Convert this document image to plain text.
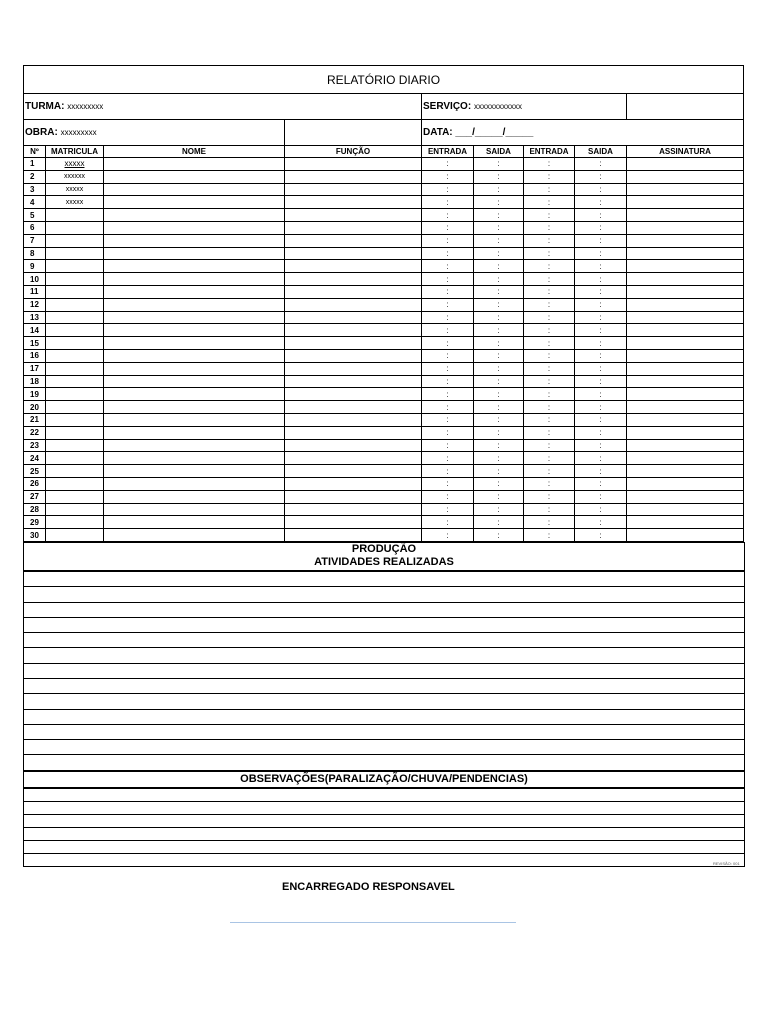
RELATÓRIO DIARIO								
TURMA: xxxxxxxxx				SERVIÇO: xxxxxxxxxxxx				
OBRA: xxxxxxxxx				DATA: ___/_____/_____				
Nº	MATRICULA	NOME	FUNÇÃO	ENTRADA	SAIDA	ENTRADA	SAIDA	ASSINATURA
1	xxxxx			:	:	:	:	
2	xxxxxx			:	:	:	:	
3	xxxxx			:	:	:	:	
4	xxxxx			:	:	:	:	
5				:	:	:	:	
6				:	:	:	:	
7				:	:	:	:	
8				:	:	:	:	
9				:	:	:	:	
10				:	:	:	:	
11				:	:	:	:	
12				:	:	:	:	
13				:	:	:	:	
14				:	:	:	:	
15				:	:	:	:	
16				:	:	:	:	
17				:	:	:	:	
18				:	:	:	:	
19				:	:	:	:	
20				:	:	:	:	
21				:	:	:	:	
22				:	:	:	:	
23				:	:	:	:	
24				:	:	:	:	
25				:	:	:	:	
26				:	:	:	:	
27				:	:	:	:	
28				:	:	:	:	
29				:	:	:	:	
30				:	:	:	:	
PRODUÇÃO
ATIVIDADES REALIZADAS
OBSERVAÇÕES(PARALIZAÇÃO/CHUVA/PENDENCIAS)
REVISÃO: 001
ENCARREGADO RESPONSAVEL
